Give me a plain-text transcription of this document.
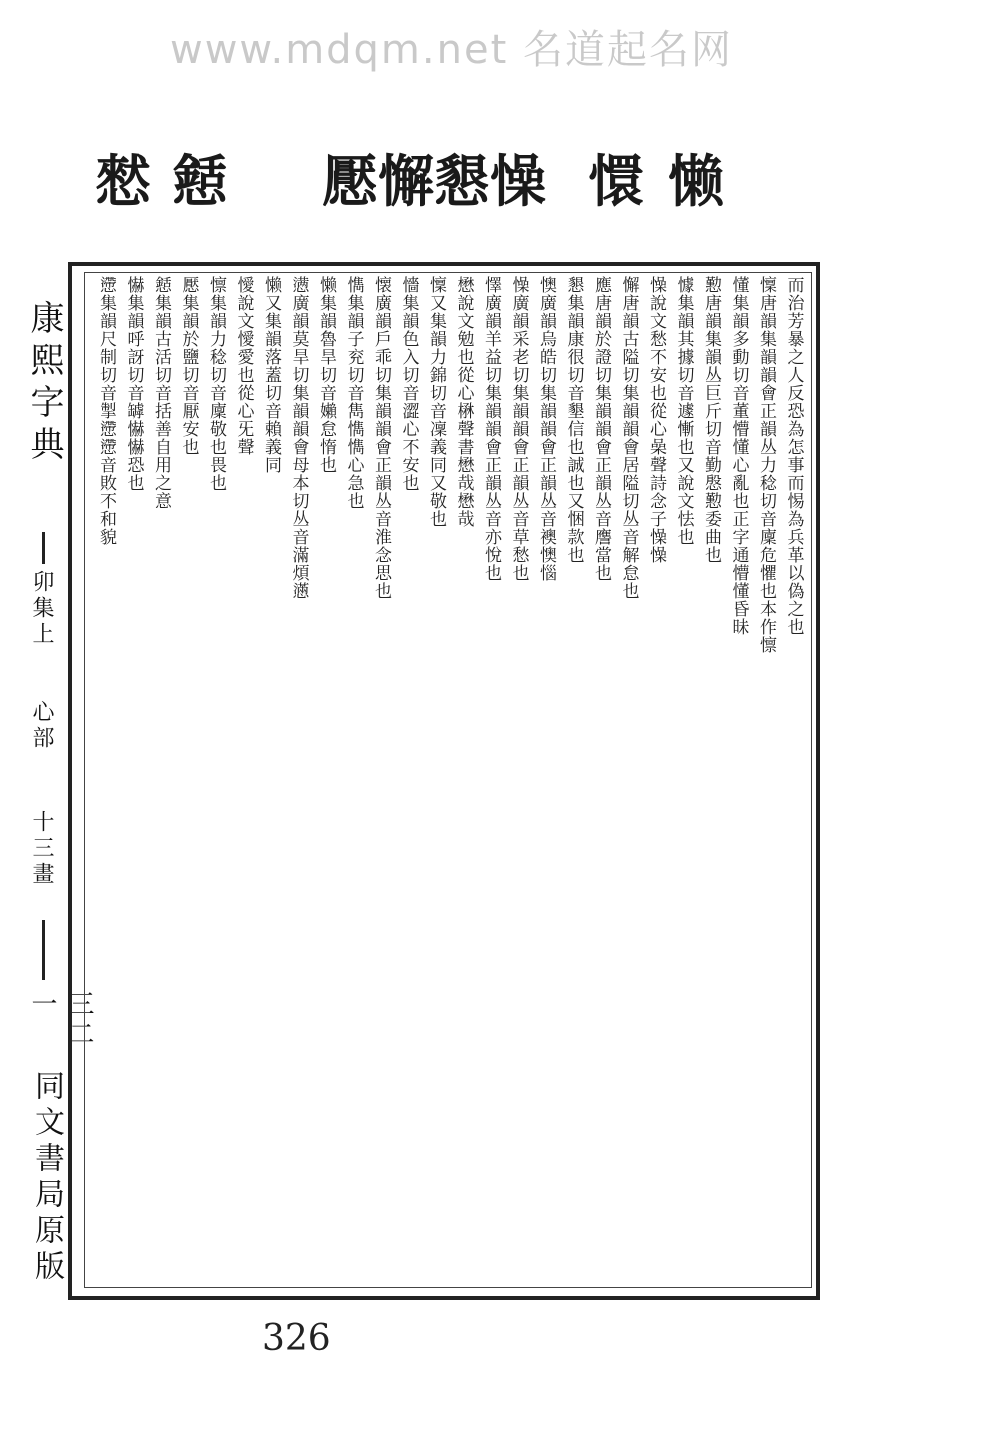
www.mdqm.net 名道起名网
憖 懖 懕懈懇懆 懁 懒
康熙字典
卯集上
心部
十三畫
三二一
同文書局原版
而治芳暴之人反恐為怎事而惕為兵革以偽之也
懍唐韻集韻韻會正韻丛力稔切音廩危懼也本作懔
懂集韻多動切音董懵懂心亂也正字通懵懂昏昧
懃唐韻集韻丛巨斤切音勤慇懃委曲也
懅集韻其據切音遽慚也又說文怯也
懆說文愁不安也從心喿聲詩念子懆懆
懈唐韻古隘切集韻韻會居隘切丛音解怠也
應唐韻於證切集韻韻會正韻丛音譍當也
懇集韻康很切音墾信也誠也又悃款也
懊廣韻烏皓切集韻韻會正韻丛音襖懊惱
懆廣韻采老切集韻韻會正韻丛音草愁也
懌廣韻羊益切集韻韻會正韻丛音亦悅也
懋說文勉也從心楙聲書懋哉懋哉
懍又集韻力錦切音凜義同又敬也
懎集韻色入切音澀心不安也
懐廣韻戶乖切集韻韻會正韻丛音淮念思也
懏集韻子兖切音雋懏懏心急也
懒集韻魯旱切音嬾怠惰也
懑廣韻莫旱切集韻韻會母本切丛音滿煩懣
懒又集韻落蓋切音賴義同
懓說文懓愛也從心旡聲
懔集韻力稔切音廩敬也畏也
懕集韻於鹽切音厭安也
懖集韻古活切音括善自用之意
懗集韻呼訝切音罅懗懗恐也
懘集韻尺制切音掣懘懘音敗不和貌
326
